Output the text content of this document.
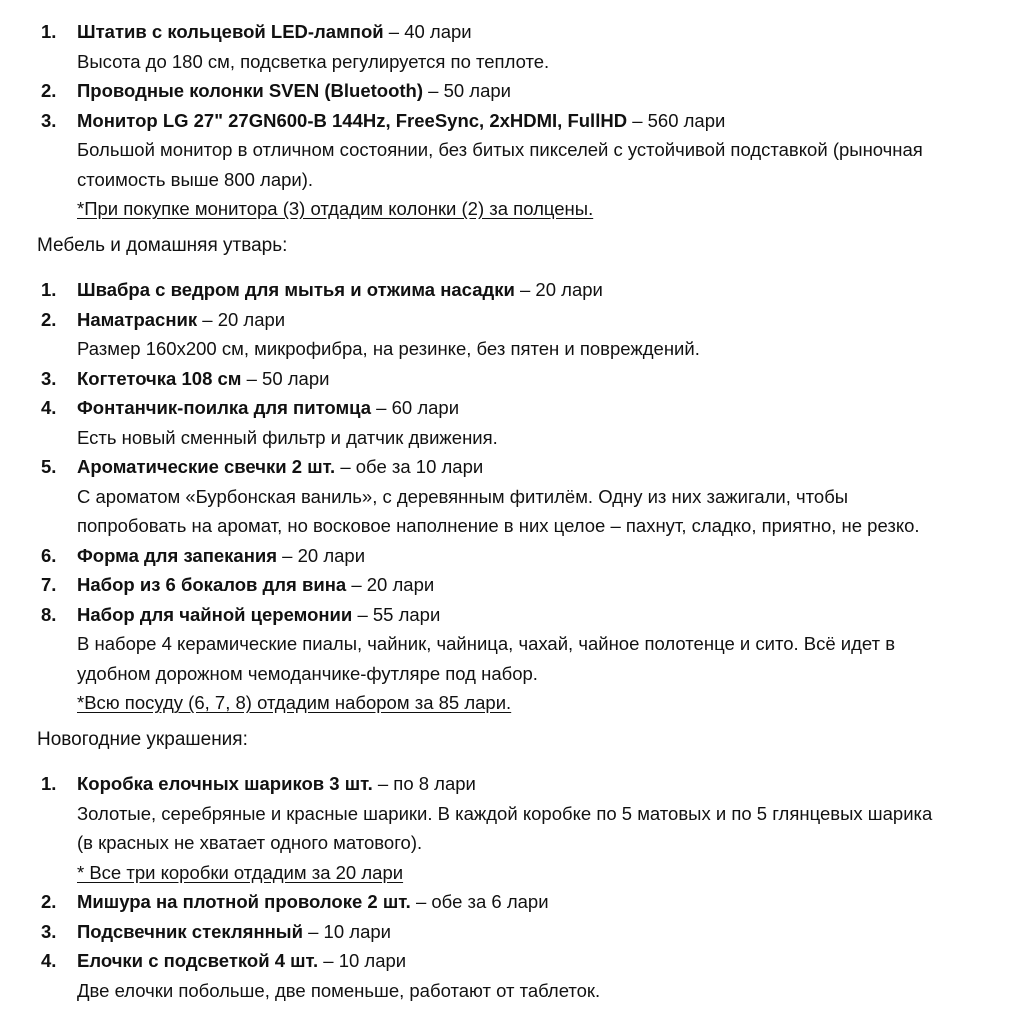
1. Штатив с кольцевой LED-лампой – 40 лари
Высота до 180 см, подсветка регулируется по теплоте.
2. Проводные колонки SVEN (Bluetooth) – 50 лари
3. Монитор LG 27" 27GN600-B 144Hz, FreeSync, 2xHDMI, FullHD – 560 лари
Большой монитор в отличном состоянии, без битых пикселей с устойчивой подставкой (рыночная
стоимость выше 800 лари).
*При покупке монитора (3) отдадим колонки (2) за полцены.
Мебель и домашняя утварь:
1. Швабра с ведром для мытья и отжима насадки – 20 лари
2. Наматрасник – 20 лари
Размер 160х200 см, микрофибра, на резинке, без пятен и повреждений.
3. Когтеточка 108 см – 50 лари
4. Фонтанчик-поилка для питомца – 60 лари
Есть новый сменный фильтр и датчик движения.
5. Ароматические свечки 2 шт. – обе за 10 лари
С ароматом «Бурбонская ваниль», с деревянным фитилём. Одну из них зажигали, чтобы
попробовать на аромат, но восковое наполнение в них целое – пахнут, сладко, приятно, не резко.
6. Форма для запекания – 20 лари
7. Набор из 6 бокалов для вина – 20 лари
8. Набор для чайной церемонии – 55 лари
В наборе 4 керамические пиалы, чайник, чайница, чахай, чайное полотенце и сито. Всё идет в
удобном дорожном чемоданчике-футляре под набор.
*Всю посуду (6, 7, 8) отдадим набором за 85 лари.
Новогодние украшения:
1. Коробка елочных шариков 3 шт. – по 8 лари
Золотые, серебряные и красные шарики. В каждой коробке по 5 матовых и по 5 глянцевых шарика
(в красных не хватает одного матового).
* Все три коробки отдадим за 20 лари
2. Мишура на плотной проволоке 2 шт. – обе за 6 лари
3. Подсвечник стеклянный – 10 лари
4. Елочки с подсветкой 4 шт. – 10 лари
Две елочки побольше, две поменьше, работают от таблеток.
